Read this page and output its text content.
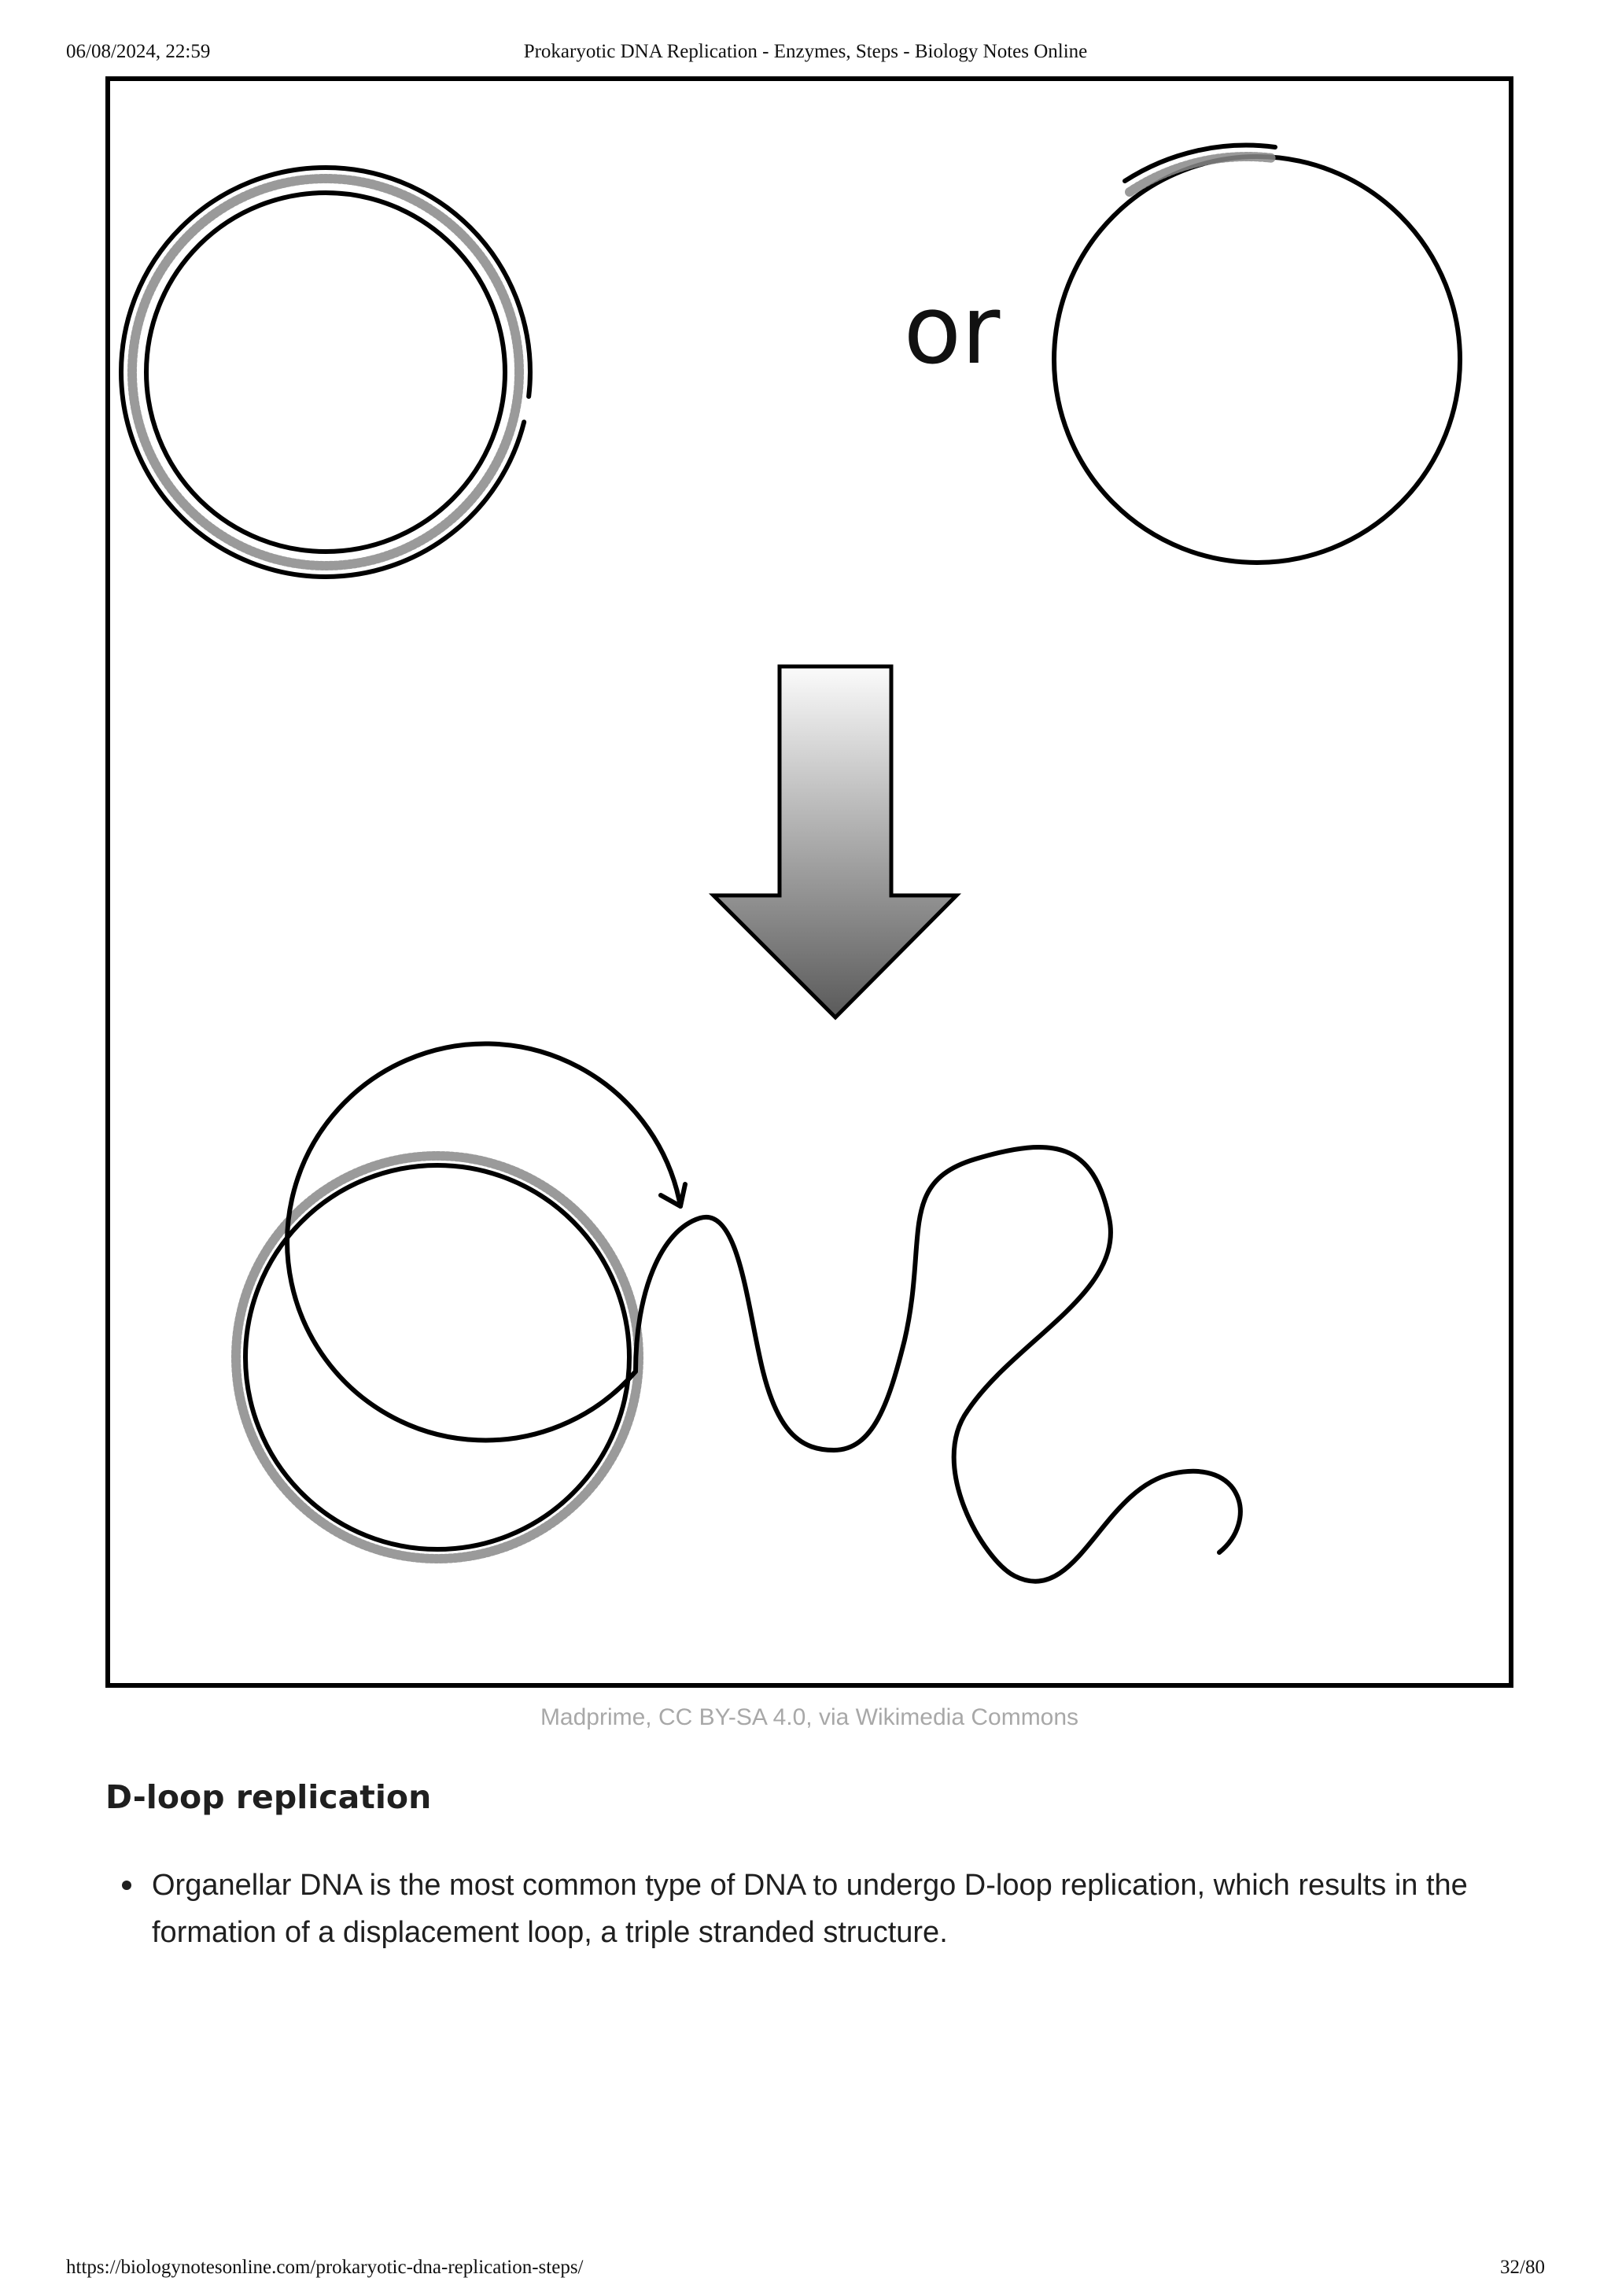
06/08/2024, 22:59	Prokaryotic DNA Replication - Enzymes, Steps - Biology Notes Online
or
Madprime, CC BY-SA 4.0, via Wikimedia Commons
D-loop replication
Organellar DNA is the most common type of DNA to undergo D-loop replication, which results in the formation of a displacement loop, a triple stranded structure.
https://biologynotesonline.com/prokaryotic-dna-replication-steps/	32/80
